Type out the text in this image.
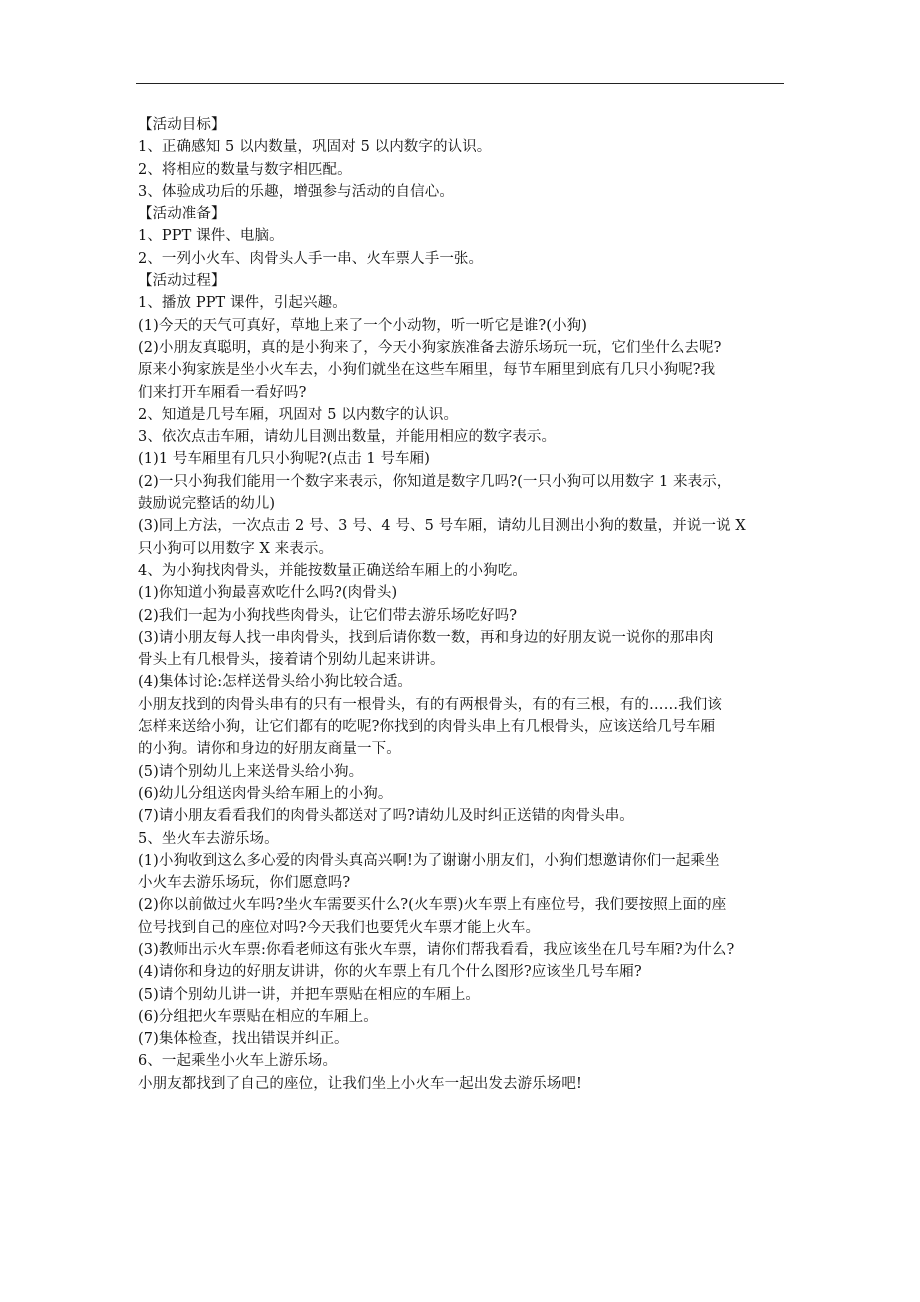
【活动目标】
1、正确感知 5 以内数量，巩固对 5 以内数字的认识。
2、将相应的数量与数字相匹配。
3、体验成功后的乐趣，增强参与活动的自信心。
【活动准备】
1、PPT 课件、电脑。
2、一列小火车、肉骨头人手一串、火车票人手一张。
【活动过程】
1、播放 PPT 课件，引起兴趣。
(1)今天的天气可真好，草地上来了一个小动物，听一听它是谁?(小狗)
(2)小朋友真聪明，真的是小狗来了，今天小狗家族准备去游乐场玩一玩，它们坐什么去呢?
原来小狗家族是坐小火车去，小狗们就坐在这些车厢里，每节车厢里到底有几只小狗呢?我
们来打开车厢看一看好吗?
2、知道是几号车厢，巩固对 5 以内数字的认识。
3、依次点击车厢，请幼儿目测出数量，并能用相应的数字表示。
(1)1 号车厢里有几只小狗呢?(点击 1 号车厢)
(2)一只小狗我们能用一个数字来表示，你知道是数字几吗?(一只小狗可以用数字 1 来表示，
鼓励说完整话的幼儿)
(3)同上方法，一次点击 2 号、3 号、4 号、5 号车厢，请幼儿目测出小狗的数量，并说一说 X
只小狗可以用数字 X 来表示。
4、为小狗找肉骨头，并能按数量正确送给车厢上的小狗吃。
(1)你知道小狗最喜欢吃什么吗?(肉骨头)
(2)我们一起为小狗找些肉骨头，让它们带去游乐场吃好吗?
(3)请小朋友每人找一串肉骨头，找到后请你数一数，再和身边的好朋友说一说你的那串肉
骨头上有几根骨头，接着请个别幼儿起来讲讲。
(4)集体讨论:怎样送骨头给小狗比较合适。
小朋友找到的肉骨头串有的只有一根骨头，有的有两根骨头，有的有三根，有的……我们该
怎样来送给小狗，让它们都有的吃呢?你找到的肉骨头串上有几根骨头，应该送给几号车厢
的小狗。请你和身边的好朋友商量一下。
(5)请个别幼儿上来送骨头给小狗。
(6)幼儿分组送肉骨头给车厢上的小狗。
(7)请小朋友看看我们的肉骨头都送对了吗?请幼儿及时纠正送错的肉骨头串。
5、坐火车去游乐场。
(1)小狗收到这么多心爱的肉骨头真高兴啊!为了谢谢小朋友们，小狗们想邀请你们一起乘坐
小火车去游乐场玩，你们愿意吗?
(2)你以前做过火车吗?坐火车需要买什么?(火车票)火车票上有座位号，我们要按照上面的座
位号找到自己的座位对吗?今天我们也要凭火车票才能上火车。
(3)教师出示火车票:你看老师这有张火车票，请你们帮我看看，我应该坐在几号车厢?为什么?
(4)请你和身边的好朋友讲讲，你的火车票上有几个什么图形?应该坐几号车厢?
(5)请个别幼儿讲一讲，并把车票贴在相应的车厢上。
(6)分组把火车票贴在相应的车厢上。
(7)集体检查，找出错误并纠正。
6、一起乘坐小火车上游乐场。
小朋友都找到了自己的座位，让我们坐上小火车一起出发去游乐场吧!
